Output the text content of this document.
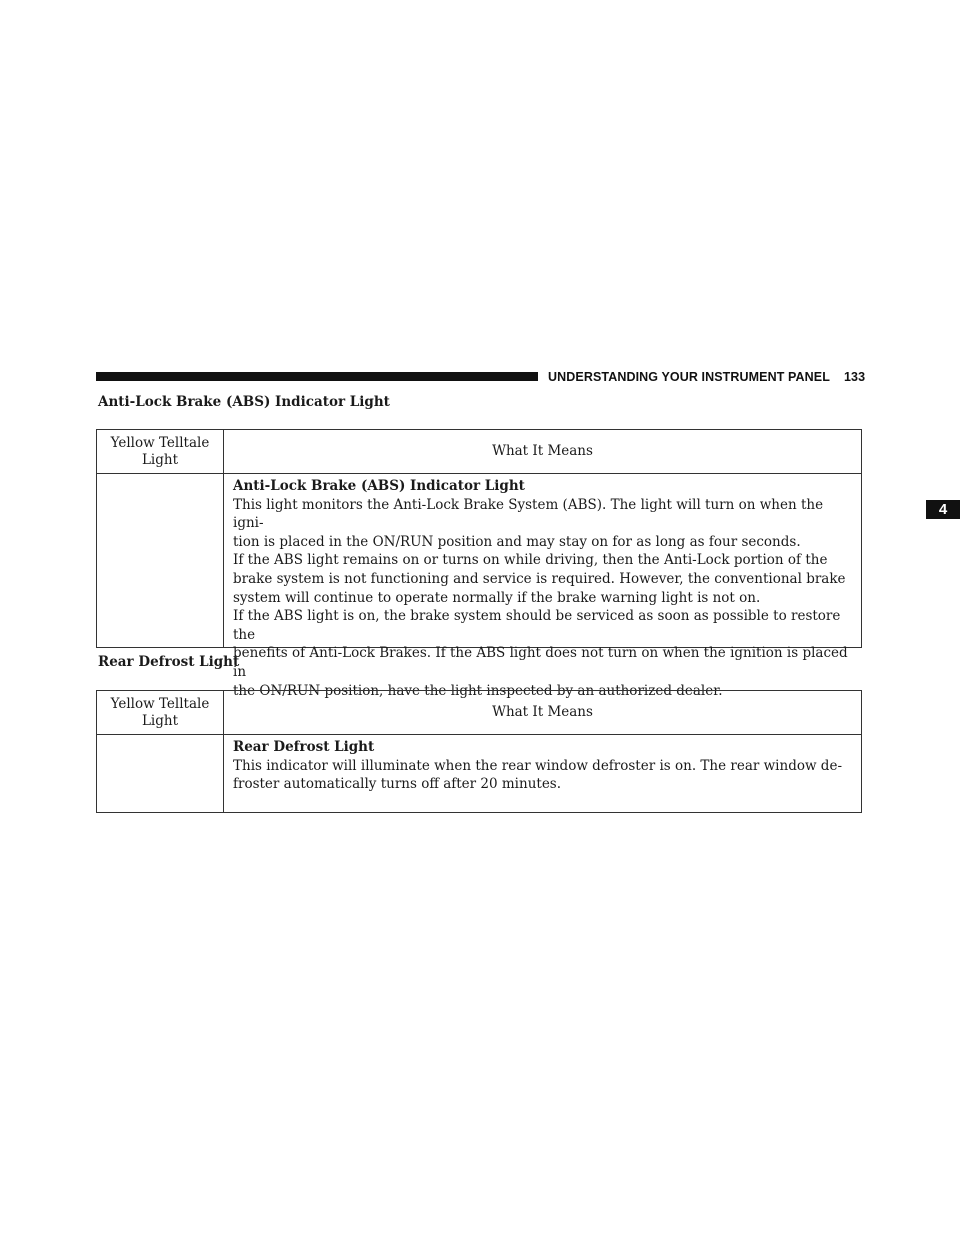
UNDERSTANDING YOUR INSTRUMENT PANEL 133
4
Anti-Lock Brake (ABS) Indicator Light
Yellow Telltale Light
What It Means

Anti-Lock Brake (ABS) Indicator Light

This light monitors the Anti-Lock Brake System (ABS). The light will turn on when the igni-

tion is placed in the ON/RUN position and may stay on for as long as four seconds.

If the ABS light remains on or turns on while driving, then the Anti-Lock portion of the

brake system is not functioning and service is required. However, the conventional brake

system will continue to operate normally if the brake warning light is not on.

If the ABS light is on, the brake system should be serviced as soon as possible to restore the

benefits of Anti-Lock Brakes. If the ABS light does not turn on when the ignition is placed in

the ON/RUN position, have the light inspected by an authorized dealer.

Rear Defrost Light
Yellow Telltale Light
What It Means

Rear Defrost Light

This indicator will illuminate when the rear window defroster is on. The rear window de-

froster automatically turns off after 20 minutes.
